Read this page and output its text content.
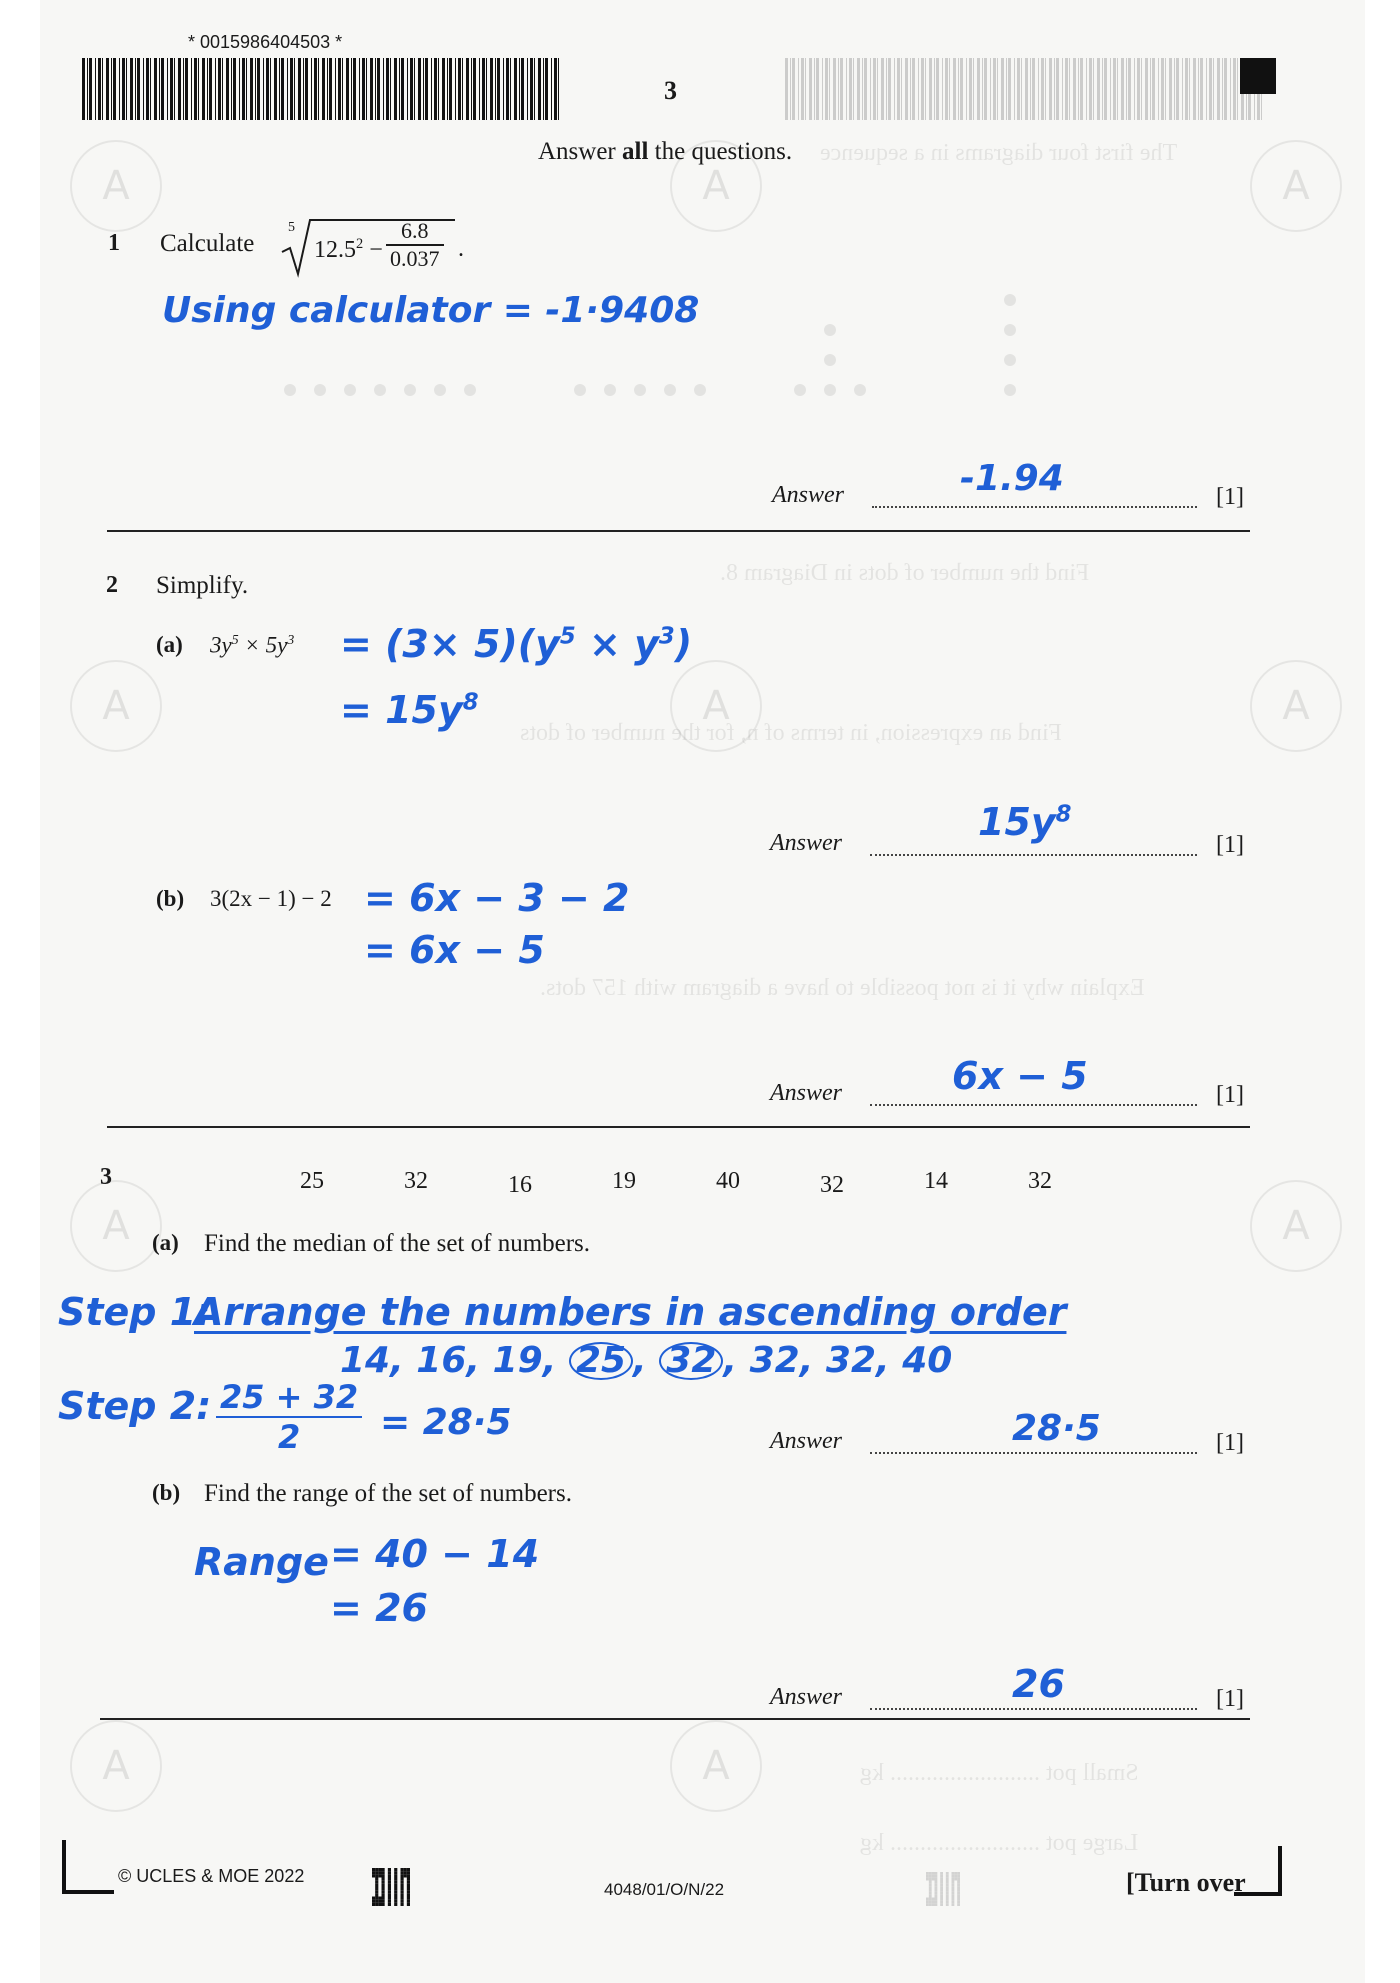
A	A	A
A	A	A
A	A
A	A
The first four diagrams in a sequence
Find the number of dots in Diagram 8.
Find an expression, in terms of n, for the number of dots
Explain why it is not possible to have a diagram with 157 dots.
Small pot ......................... kg
Large pot ......................... kg
* 0015986404503 *
3
Answer all the questions.
1 Calculate
5
$12.5^2 - \frac{6.8}{0.037}$ .
Using calculator = -1·9408
Answer	-1.94	[1]
2 Simplify.
(a) $3y^5 \times 5y^3 = (3\times 5)(y^5 \times y^3)$
= $15y^8$
Answer	$15y^8$
[1]
(b) 3(2x − 1) − 2 = 6x − 3 − 2
= 6x − 5
Answer	6x − 5	[1]
3	25	32	16	19	40	32	14	32
(a) Find the median of the set of numbers.
Step 1:
Arrange the numbers in ascending order
14, 16, 19, 25 , 32 , 32, 32, 40
Step 2: $\frac{25 + 32}{2} = 28\cdot 5$	Answer	28·5	[1]
(b) Find the range of the set of numbers.
Range = 40 − 14
= 26
Answer	26	[1]
© UCLES & MOE 2022
4048/01/O/N/22	[Turn over
